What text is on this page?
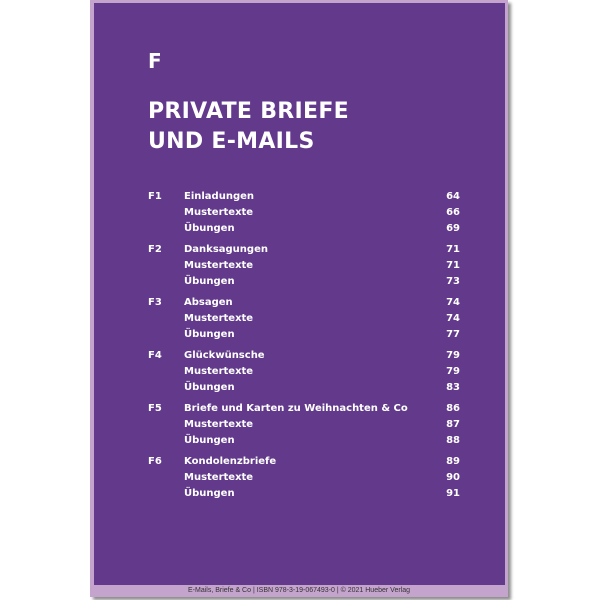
F
PRIVATE BRIEFE
UND E-MAILS
F1 Einladungen	64
Mustertexte	66
Übungen	69
F2 Danksagungen	71
Mustertexte	71
Übungen	73
F3 Absagen	74
Mustertexte	74
Übungen	77
F4 Glückwünsche	79
Mustertexte	79
Übungen	83
F5 Briefe und Karten zu Weihnachten & Co	86
Mustertexte	87
Übungen	88
F6 Kondolenzbriefe	89
Mustertexte	90
Übungen	91
E-Mails, Briefe & Co | ISBN 978-3-19-067493-0 | © 2021 Hueber Verlag
